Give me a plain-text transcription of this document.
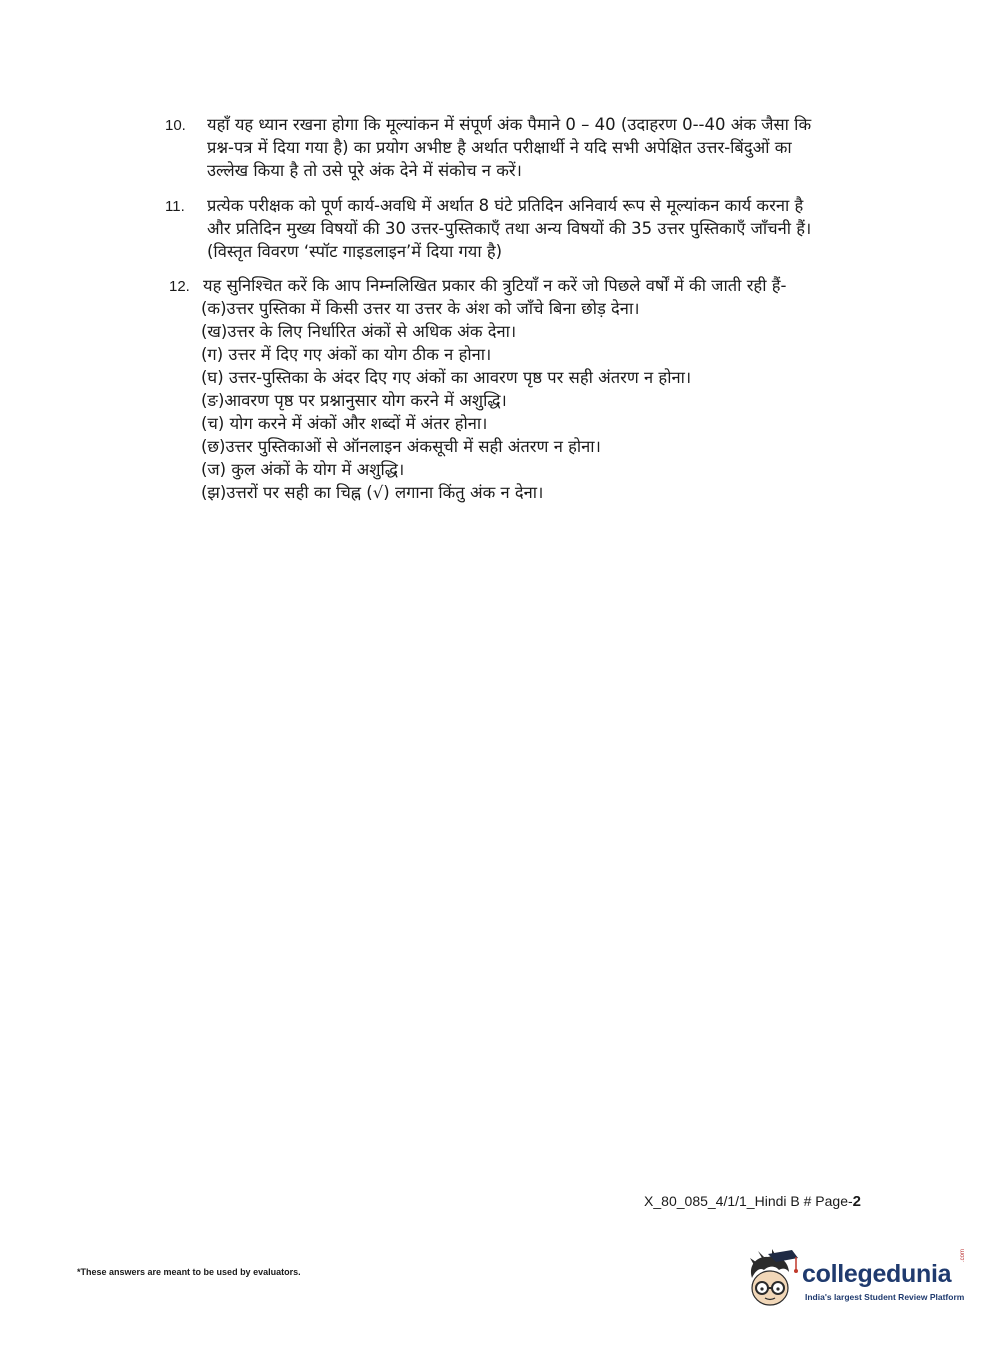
10. यहाँ यह ध्यान रखना होगा कि मूल्यांकन में संपूर्ण अंक पैमाने 0 – 40 (उदाहरण 0--40 अंक जैसा कि
प्रश्न-पत्र में दिया गया है) का प्रयोग अभीष्ट है अर्थात परीक्षार्थी ने यदि सभी अपेक्षित उत्तर-बिंदुओं का
उल्लेख किया है तो उसे पूरे अंक देने में संकोच न करें।
11. प्रत्येक परीक्षक को पूर्ण कार्य-अवधि में अर्थात 8 घंटे प्रतिदिन अनिवार्य रूप से मूल्यांकन कार्य करना है
और प्रतिदिन मुख्य विषयों की 30 उत्तर-पुस्तिकाएँ तथा अन्य विषयों की 35 उत्तर पुस्तिकाएँ जाँचनी हैं।
(विस्तृत विवरण ‘स्पॉट गाइडलाइन’में दिया गया है)
12. यह सुनिश्चित करें कि आप निम्नलिखित प्रकार की त्रुटियाँ न करें जो पिछले वर्षों में की जाती रही हैं-
(क)उत्तर पुस्तिका में किसी उत्तर या उत्तर के अंश को जाँचे बिना छोड़ देना।
(ख)उत्तर के लिए निर्धारित अंकों से अधिक अंक देना।
(ग) उत्तर में दिए गए अंकों का योग ठीक न होना।
(घ) उत्तर-पुस्तिका के अंदर दिए गए अंकों का आवरण पृष्ठ पर सही अंतरण न होना।
(ङ)आवरण पृष्ठ पर प्रश्नानुसार योग करने में अशुद्धि।
(च) योग करने में अंकों और शब्दों में अंतर होना।
(छ)उत्तर पुस्तिकाओं से ऑनलाइन अंकसूची में सही अंतरण न होना।
(ज) कुल अंकों के योग में अशुद्धि।
(झ)उत्तरों पर सही का चिह्न (√) लगाना किंतु अंक न देना।
X_80_085_4/1/1_Hindi B # Page-2
*These answers are meant to be used by evaluators.	collegedunia
.com
India's largest Student Review Platform
